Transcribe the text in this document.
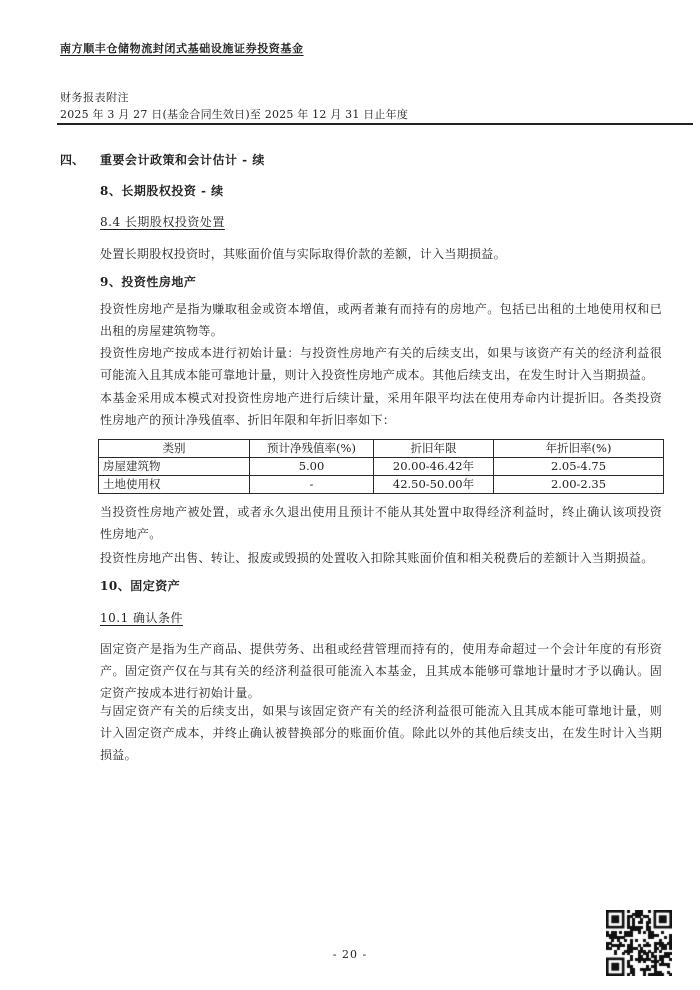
南方顺丰仓储物流封闭式基础设施证券投资基金
财务报表附注
2025 年 3 月 27 日(基金合同生效日)至 2025 年 12 月 31 日止年度
四、 重要会计政策和会计估计 - 续
8、长期股权投资 - 续
8.4 长期股权投资处置
处置长期股权投资时，其账面价值与实际取得价款的差额，计入当期损益。
9、投资性房地产
投资性房地产是指为赚取租金或资本增值，或两者兼有而持有的房地产。包括已出租的土地使用权和已出租的房屋建筑物等。
投资性房地产按成本进行初始计量：与投资性房地产有关的后续支出，如果与该资产有关的经济利益很可能流入且其成本能可靠地计量，则计入投资性房地产成本。其他后续支出，在发生时计入当期损益。
本基金采用成本模式对投资性房地产进行后续计量，采用年限平均法在使用寿命内计提折旧。各类投资性房地产的预计净残值率、折旧年限和年折旧率如下：
类别	预计净残值率(%)	折旧年限	年折旧率(%)
房屋建筑物	5.00	20.00-46.42年	2.05-4.75
土地使用权	-	42.50-50.00年	2.00-2.35
当投资性房地产被处置，或者永久退出使用且预计不能从其处置中取得经济利益时，终止确认该项投资性房地产。
投资性房地产出售、转让、报废或毁损的处置收入扣除其账面价值和相关税费后的差额计入当期损益。
10、固定资产
10.1 确认条件
固定资产是指为生产商品、提供劳务、出租或经营管理而持有的，使用寿命超过一个会计年度的有形资产。固定资产仅在与其有关的经济利益很可能流入本基金，且其成本能够可靠地计量时才予以确认。固定资产按成本进行初始计量。
与固定资产有关的后续支出，如果与该固定资产有关的经济利益很可能流入且其成本能可靠地计量，则计入固定资产成本，并终止确认被替换部分的账面价值。除此以外的其他后续支出，在发生时计入当期损益。
- 20 -
